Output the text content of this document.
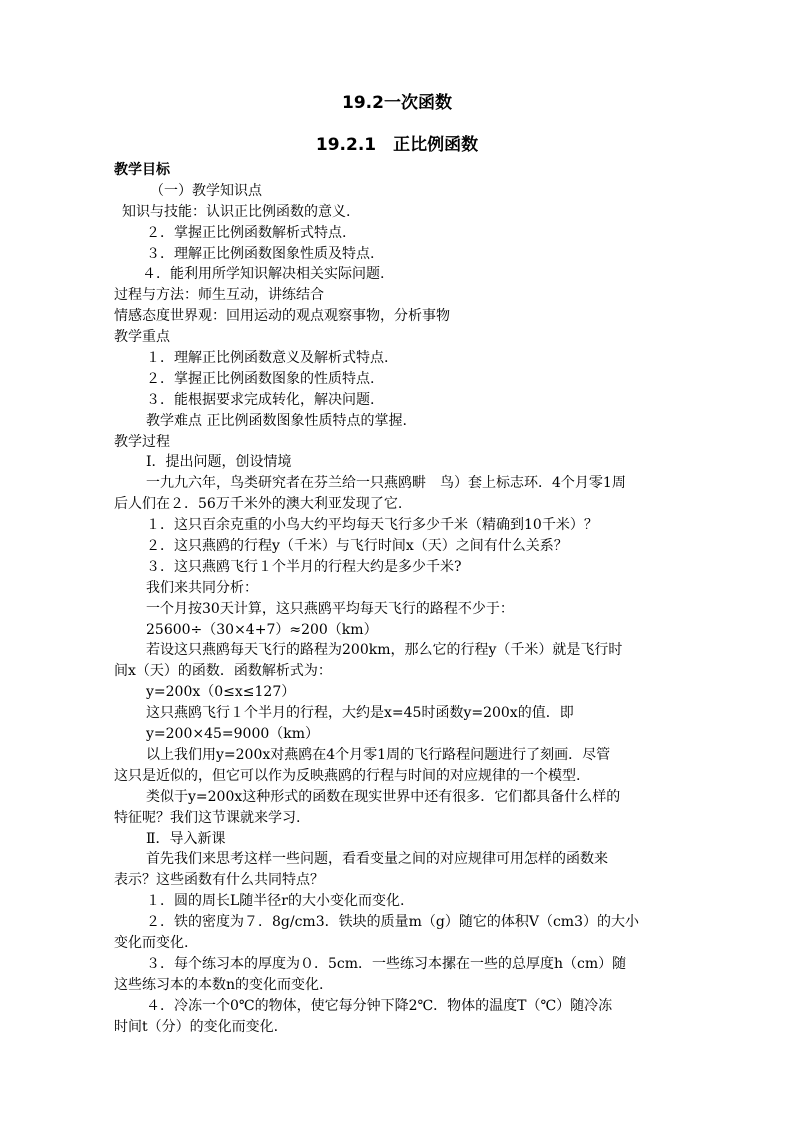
19.2一次函数
19.2.1　正比例函数
教学目标
（一）教学知识点
知识与技能：认识正比例函数的意义.
２．掌握正比例函数解析式特点.
３．理解正比例函数图象性质及特点.
４．能利用所学知识解决相关实际问题.
过程与方法：师生互动，讲练结合
情感态度世界观：回用运动的观点观察事物，分析事物
教学重点
１．理解正比例函数意义及解析式特点.
２．掌握正比例函数图象的性质特点.
３．能根据要求完成转化，解决问题.
教学难点 正比例函数图象性质特点的掌握.
教学过程
Ⅰ．提出问题，创设情境
一九九六年，鸟类研究者在芬兰给一只燕鸥畊　鸟）套上标志环．4个月零1周
后人们在２．56万千米外的澳大利亚发现了它.
１．这只百余克重的小鸟大约平均每天飞行多少千米（精确到10千米）？
２．这只燕鸥的行程y（千米）与飞行时间x（天）之间有什么关系？
３．这只燕鸥飞行１个半月的行程大约是多少千米?
我们来共同分析：
一个月按30天计算，这只燕鸥平均每天飞行的路程不少于：
25600÷（30×4+7）≈200（km）
若设这只燕鸥每天飞行的路程为200km，那么它的行程y（千米）就是飞行时
间x（天）的函数．函数解析式为：
y=200x（0≤x≤127）
这只燕鸥飞行１个半月的行程，大约是x=45时函数y=200x的值．即
y=200×45=9000（km）
以上我们用y=200x对燕鸥在4个月零1周的飞行路程问题进行了刻画．尽管
这只是近似的，但它可以作为反映燕鸥的行程与时间的对应规律的一个模型.
类似于y=200x这种形式的函数在现实世界中还有很多．它们都具备什么样的
特征呢？我们这节课就来学习.
Ⅱ．导入新课
首先我们来思考这样一些问题，看看变量之间的对应规律可用怎样的函数来
表示？这些函数有什么共同特点？
１．圆的周长L随半径r的大小变化而变化.
２．铁的密度为７．8g/cm3．铁块的质量m（g）随它的体积V（cm3）的大小
变化而变化.
３．每个练习本的厚度为０．5cm．一些练习本摞在一些的总厚度h（cm）随
这些练习本的本数n的变化而变化.
４．冷冻一个0℃的物体，使它每分钟下降2℃．物体的温度T（℃）随冷冻
时间t（分）的变化而变化.
